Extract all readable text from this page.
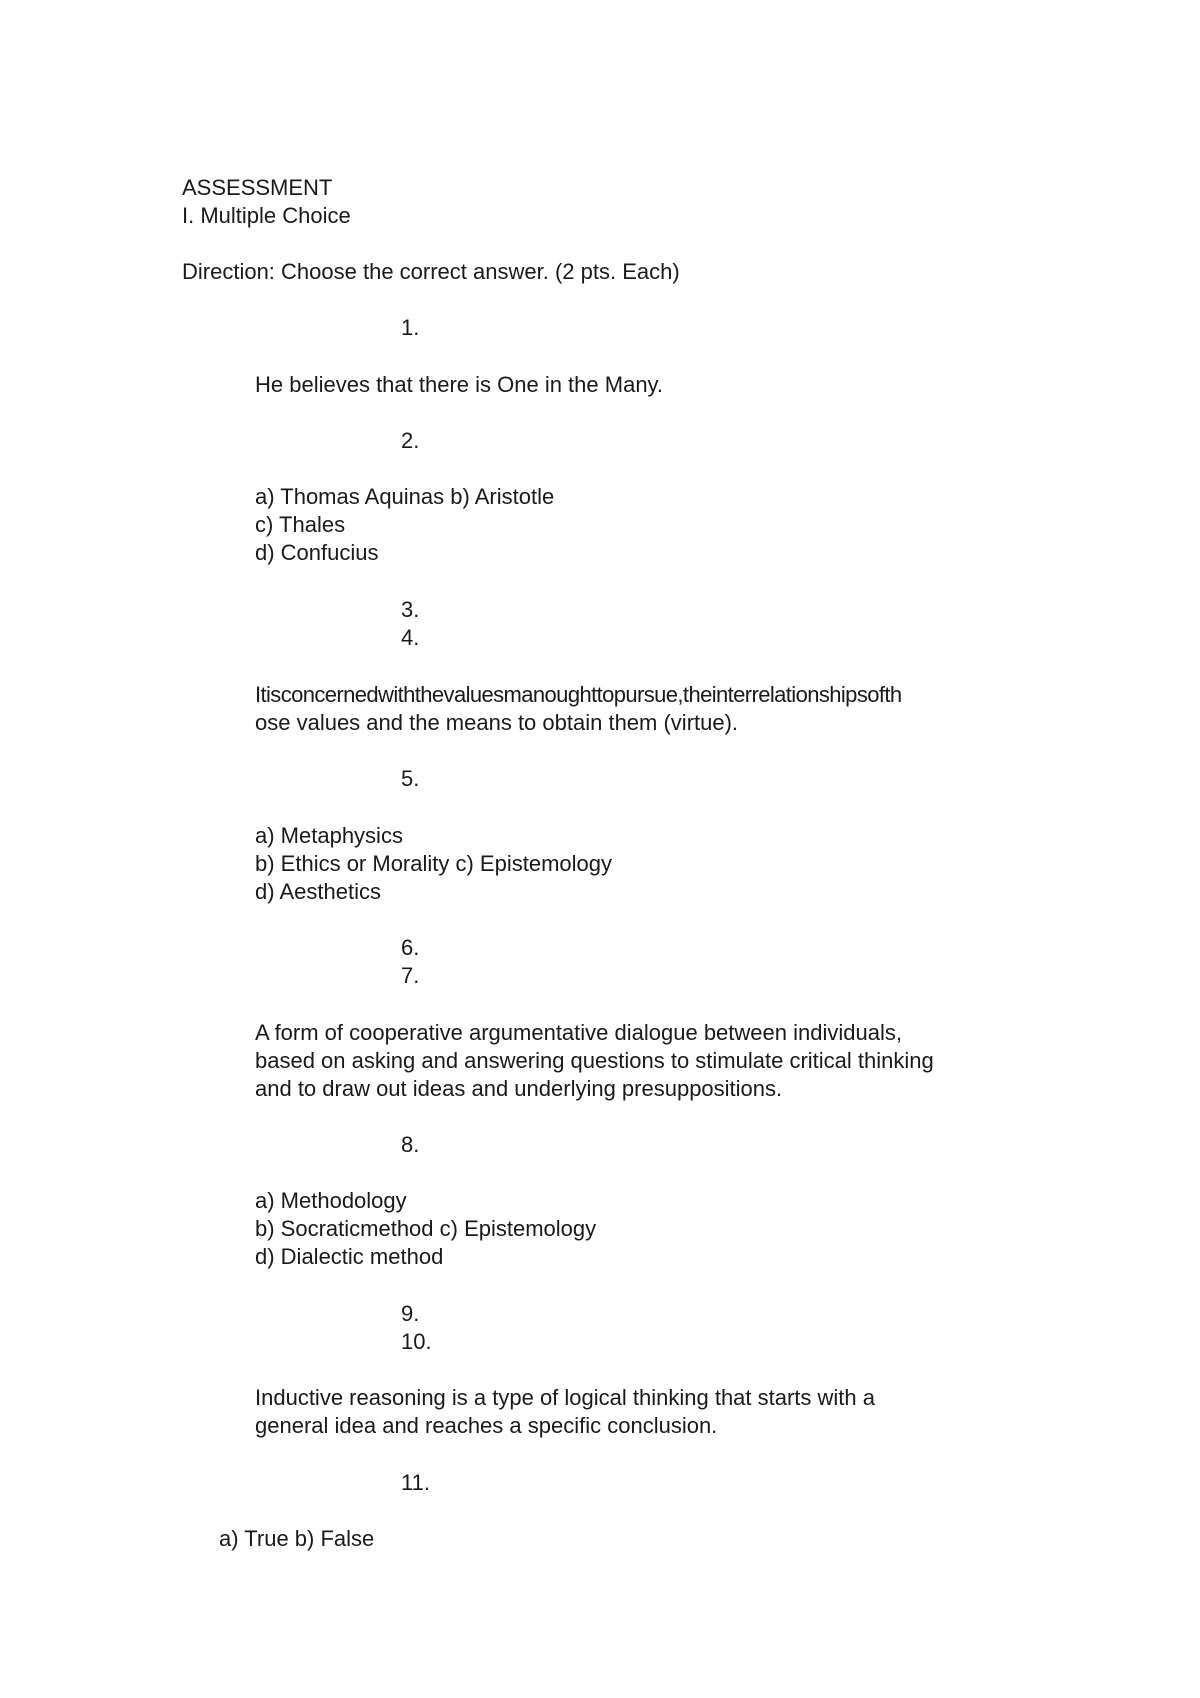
ASSESSMENT
I. Multiple Choice
Direction: Choose the correct answer. (2 pts. Each)
1.
He believes that there is One in the Many.
2.
a) Thomas Aquinas b) Aristotle
c) Thales
d) Confucius
3.
4.
Itisconcernedwiththevaluesmanoughttopursue,theinterrelationshipsofth
ose values and the means to obtain them (virtue).
5.
a) Metaphysics
b) Ethics or Morality c) Epistemology
d) Aesthetics
6.
7.
A form of cooperative argumentative dialogue between individuals,
based on asking and answering questions to stimulate critical thinking
and to draw out ideas and underlying presuppositions.
8.
a) Methodology
b) Socraticmethod c) Epistemology
d) Dialectic method
9.
10.
Inductive reasoning is a type of logical thinking that starts with a
general idea and reaches a specific conclusion.
11.
a) True b) False
